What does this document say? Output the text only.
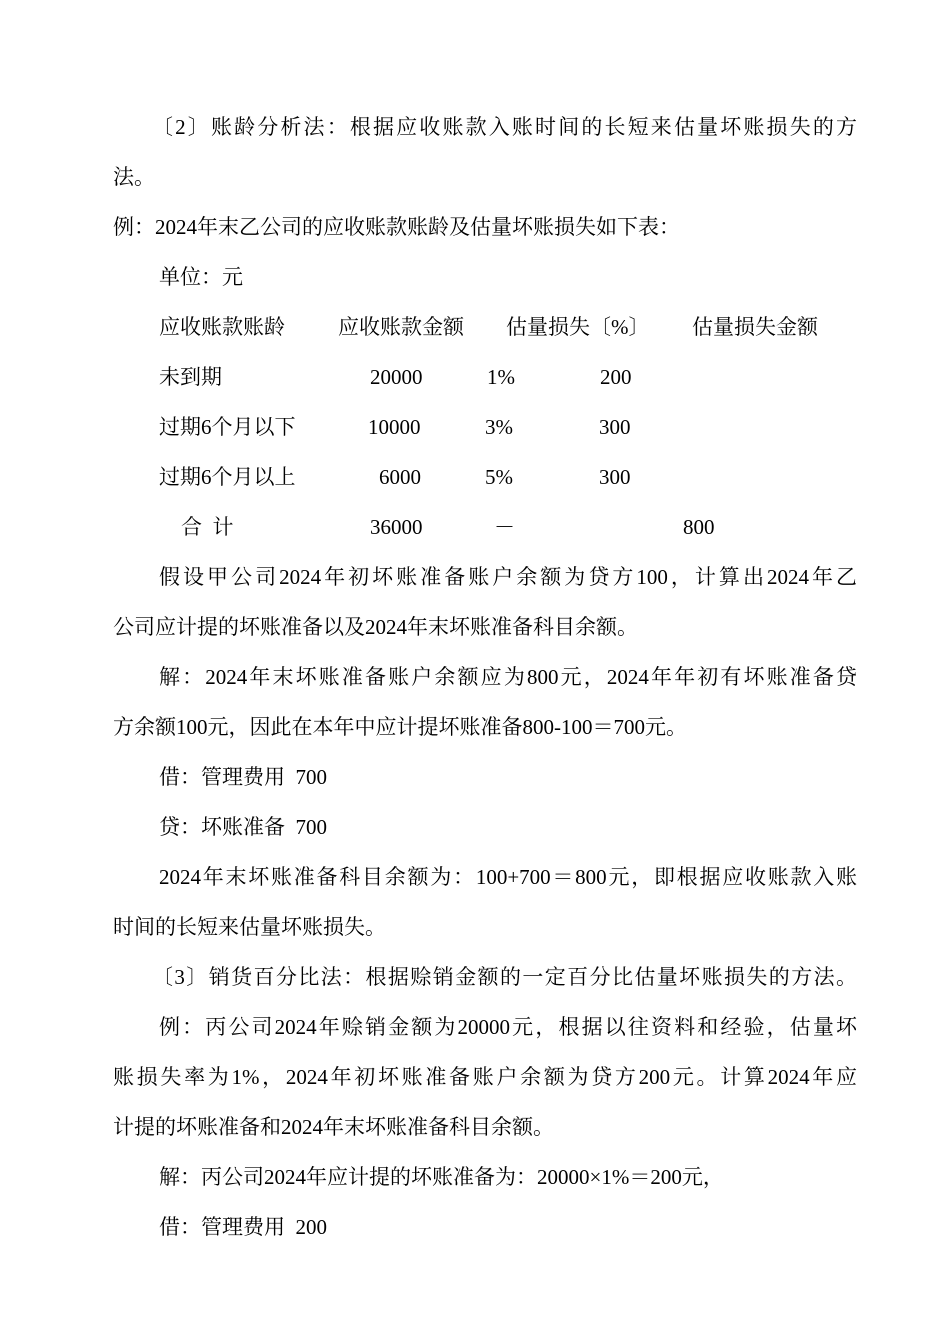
〔2〕账龄分析法：根据应收账款入账时间的长短来估量坏账损失的方
法。
例：2024年末乙公司的应收账款账龄及估量坏账损失如下表：
单位：元
应收账款账龄	应收账款金额 估量损失〔%〕 估量损失金额
未到期	20000	1%	200
过期6个月以下	10000	3%	300
过期6个月以上	6000	5%	300
合  计	36000	－	800
假设甲公司2024年初坏账准备账户余额为贷方100，计算出2024年乙
公司应计提的坏账准备以及2024年末坏账准备科目余额。
解：2024年末坏账准备账户余额应为800元，2024年年初有坏账准备贷
方余额100元，因此在本年中应计提坏账准备800-100＝700元。
借：管理费用  700
贷：坏账准备  700
2024年末坏账准备科目余额为：100+700＝800元，即根据应收账款入账
时间的长短来估量坏账损失。
〔3〕销货百分比法：根据赊销金额的一定百分比估量坏账损失的方法。
例：丙公司2024年赊销金额为20000元，根据以往资料和经验，估量坏
账损失率为1%，2024年初坏账准备账户余额为贷方200元。计算2024年应
计提的坏账准备和2024年末坏账准备科目余额。
解：丙公司2024年应计提的坏账准备为：20000×1%＝200元，
借：管理费用  200
